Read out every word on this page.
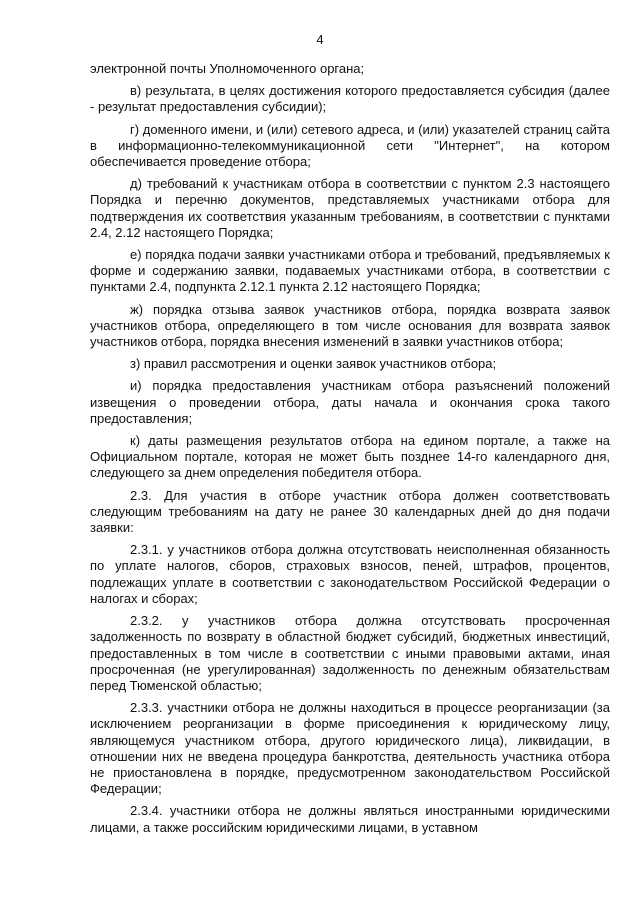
4

электронной почты Уполномоченного органа;

в) результата, в целях достижения которого предоставляется субсидия (далее - результат предоставления субсидии);

г) доменного имени, и (или) сетевого адреса, и (или) указателей страниц сайта в информационно-телекоммуникационной сети "Интернет", на котором обеспечивается проведение отбора;

д) требований к участникам отбора в соответствии с пунктом 2.3 настоящего Порядка и перечню документов, представляемых участниками отбора для подтверждения их соответствия указанным требованиям, в соответствии с пунктами 2.4, 2.12 настоящего Порядка;

е) порядка подачи заявки участниками отбора и требований, предъявляемых к форме и содержанию заявки, подаваемых участниками отбора, в соответствии с пунктами 2.4, подпункта 2.12.1 пункта 2.12 настоящего Порядка;

ж) порядка отзыва заявок участников отбора, порядка возврата заявок участников отбора, определяющего в том числе основания для возврата заявок участников отбора, порядка внесения изменений в заявки участников отбора;

з) правил рассмотрения и оценки заявок участников отбора;

и) порядка предоставления участникам отбора разъяснений положений извещения о проведении отбора, даты начала и окончания срока такого предоставления;

к) даты размещения результатов отбора на едином портале, а также на Официальном портале, которая не может быть позднее 14-го календарного дня, следующего за днем определения победителя отбора.

2.3. Для участия в отборе участник отбора должен соответствовать следующим требованиям на дату не ранее 30 календарных дней до дня подачи заявки:

2.3.1. у участников отбора должна отсутствовать неисполненная обязанность по уплате налогов, сборов, страховых взносов, пеней, штрафов, процентов, подлежащих уплате в соответствии с законодательством Российской Федерации о налогах и сборах;

2.3.2. у участников отбора должна отсутствовать просроченная задолженность по возврату в областной бюджет субсидий, бюджетных инвестиций, предоставленных в том числе в соответствии с иными правовыми актами, иная просроченная (не урегулированная) задолженность по денежным обязательствам перед Тюменской областью;

2.3.3. участники отбора не должны находиться в процессе реорганизации (за исключением реорганизации в форме присоединения к юридическому лицу, являющемуся участником отбора, другого юридического лица), ликвидации, в отношении них не введена процедура банкротства, деятельность участника отбора не приостановлена в порядке, предусмотренном законодательством Российской Федерации;

2.3.4. участники отбора не должны являться иностранными юридическими лицами, а также российским юридическими лицами, в уставном
